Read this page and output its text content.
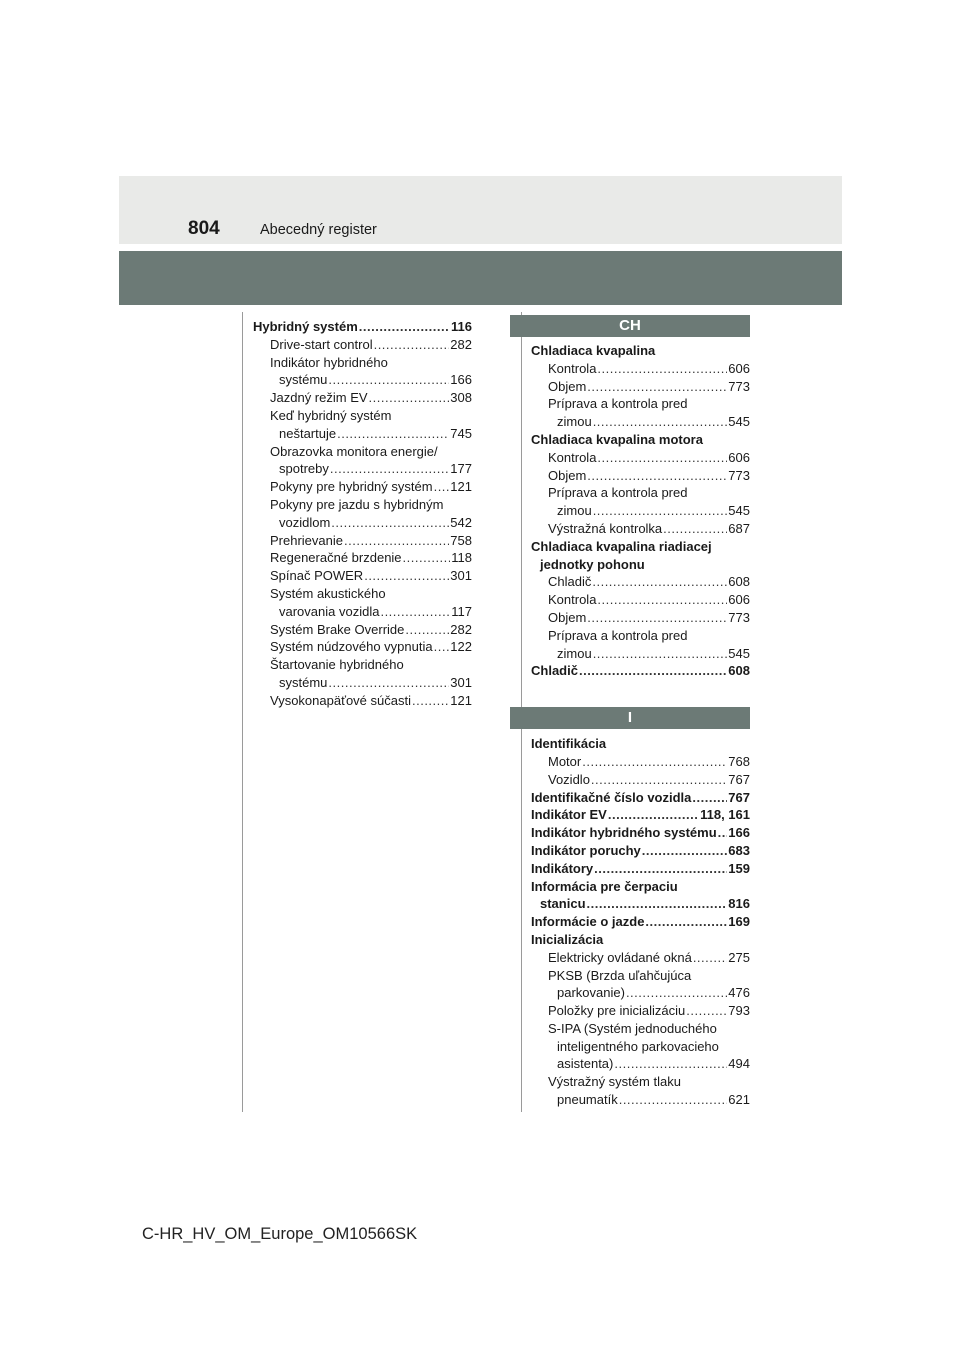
804	Abecedný register
Hybridný systém .....	116
Drive-start control .....	282
Indikátor hybridného
systému .....	166
Jazdný režim EV .....	308
Keď hybridný systém
neštartuje .....	745
Obrazovka monitora energie/
spotreby .....	177
Pokyny pre hybridný systém ..... 121
Pokyny pre jazdu s hybridným
vozidlom .....	542
Prehrievanie .....	758
Regeneračné brzdenie .....	118
Spínač POWER .....	301
Systém akustického
varovania vozidla .....	117
Systém Brake Override .....	282
Systém núdzového vypnutia ..... 122
Štartovanie hybridného
systému .....	301
Vysokonapäťové súčasti .....	121
CH
Chladiaca kvapalina
Kontrola .....	606
Objem .....	773
Príprava a kontrola pred
zimou .....	545
Chladiaca kvapalina motora
Kontrola .....	606
Objem .....	773
Príprava a kontrola pred
zimou .....	545
Výstražná kontrolka .....	687
Chladiaca kvapalina riadiacej
jednotky pohonu
Chladič .....	608
Kontrola .....	606
Objem .....	773
Príprava a kontrola pred
zimou .....	545
Chladič .....	608
I
Identifikácia
Motor .....	768
Vozidlo .....	767
Identifikačné číslo vozidla .....	767
Indikátor EV .....	118, 161
Indikátor hybridného systému ..... 166
Indikátor poruchy .....	683
Indikátory .....	159
Informácia pre čerpaciu
stanicu .....	816
Informácie o jazde .....	169
Inicializácia
Elektricky ovládané okná .....	275
PKSB (Brzda uľahčujúca
parkovanie) .....	476
Položky pre inicializáciu .....	793
S-IPA (Systém jednoduchého
inteligentného parkovacieho
asistenta) .....	494
Výstražný systém tlaku
pneumatík .....	621
C-HR_HV_OM_Europe_OM10566SK
